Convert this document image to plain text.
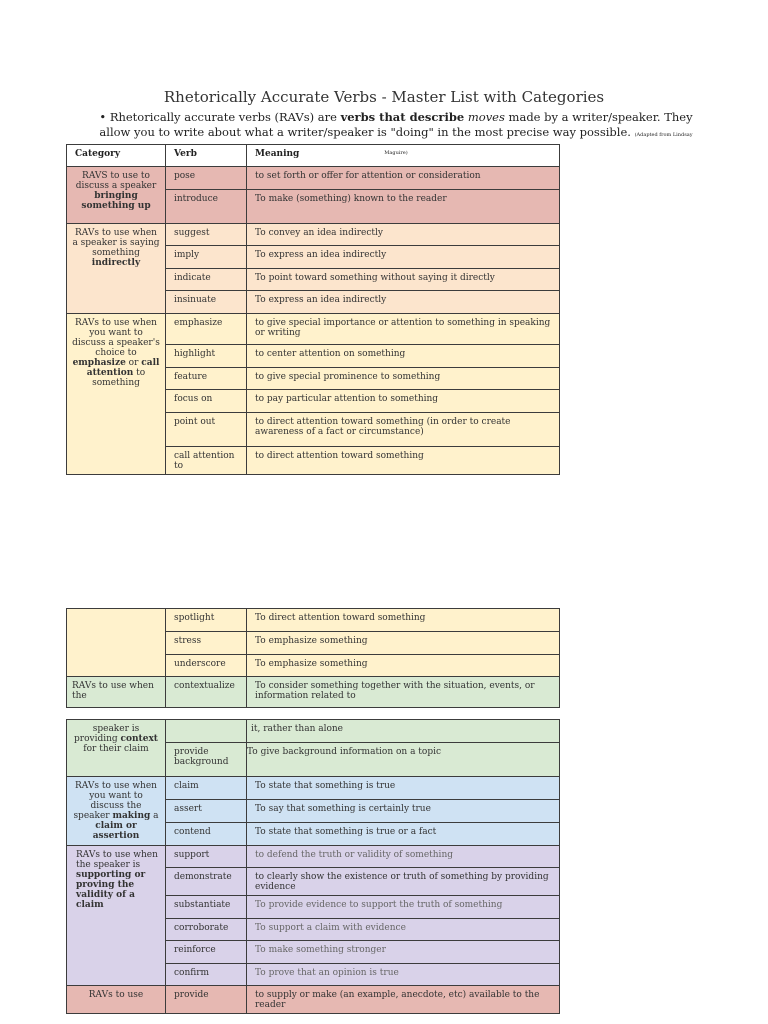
Rhetorically Accurate Verbs - Master List with Categories
• Rhetorically accurate verbs (RAVs) are verbs that describe moves made by a writer/speaker. They allow you to write about what a writer/speaker is "doing" in the most precise way possible. (Adapted from Lindsay Maguire)
Category	Verb	Meaning
RAVS to use to discuss a speaker bringing something up	pose	to set forth or offer for attention or consideration
	introduce	To make (something) known to the reader
RAVs to use when a speaker is saying something indirectly	suggest	To convey an idea indirectly
	imply	To express an idea indirectly
	indicate	To point toward something without saying it directly
	insinuate	To express an idea indirectly
RAVs to use when you want to discuss a speaker's choice to emphasize or call attention to something	emphasize	to give special importance or attention to something in speaking or writing
	highlight	to center attention on something
	feature	to give special prominence to something
	focus on	to pay particular attention to something
	point out	to direct attention toward something (in order to create awareness of a fact or circumstance)
	call attention to	to direct attention toward something
	spotlight	To direct attention toward something
	stress	To emphasize something
	underscore	To emphasize something
RAVs to use when the	contextualize	To consider something together with the situation, events, or information related to
speaker is providing context for their claim		it, rather than alone
	provide background	To give background information on a topic
RAVs to use when you want to discuss the speaker making a claim or assertion	claim	To state that something is true
	assert	To say that something is certainly true
	contend	To state that something is true or a fact
RAVs to use when the speaker is supporting or proving the validity of a claim	support	to defend the truth or validity of something
	demonstrate	to clearly show the existence or truth of something by providing evidence
	substantiate	To provide evidence to support the truth of something
	corroborate	To support a claim with evidence
	reinforce	To make something stronger
	confirm	To prove that an opinion is true
RAVs to use	provide	to supply or make (an example, anecdote, etc) available to the reader
